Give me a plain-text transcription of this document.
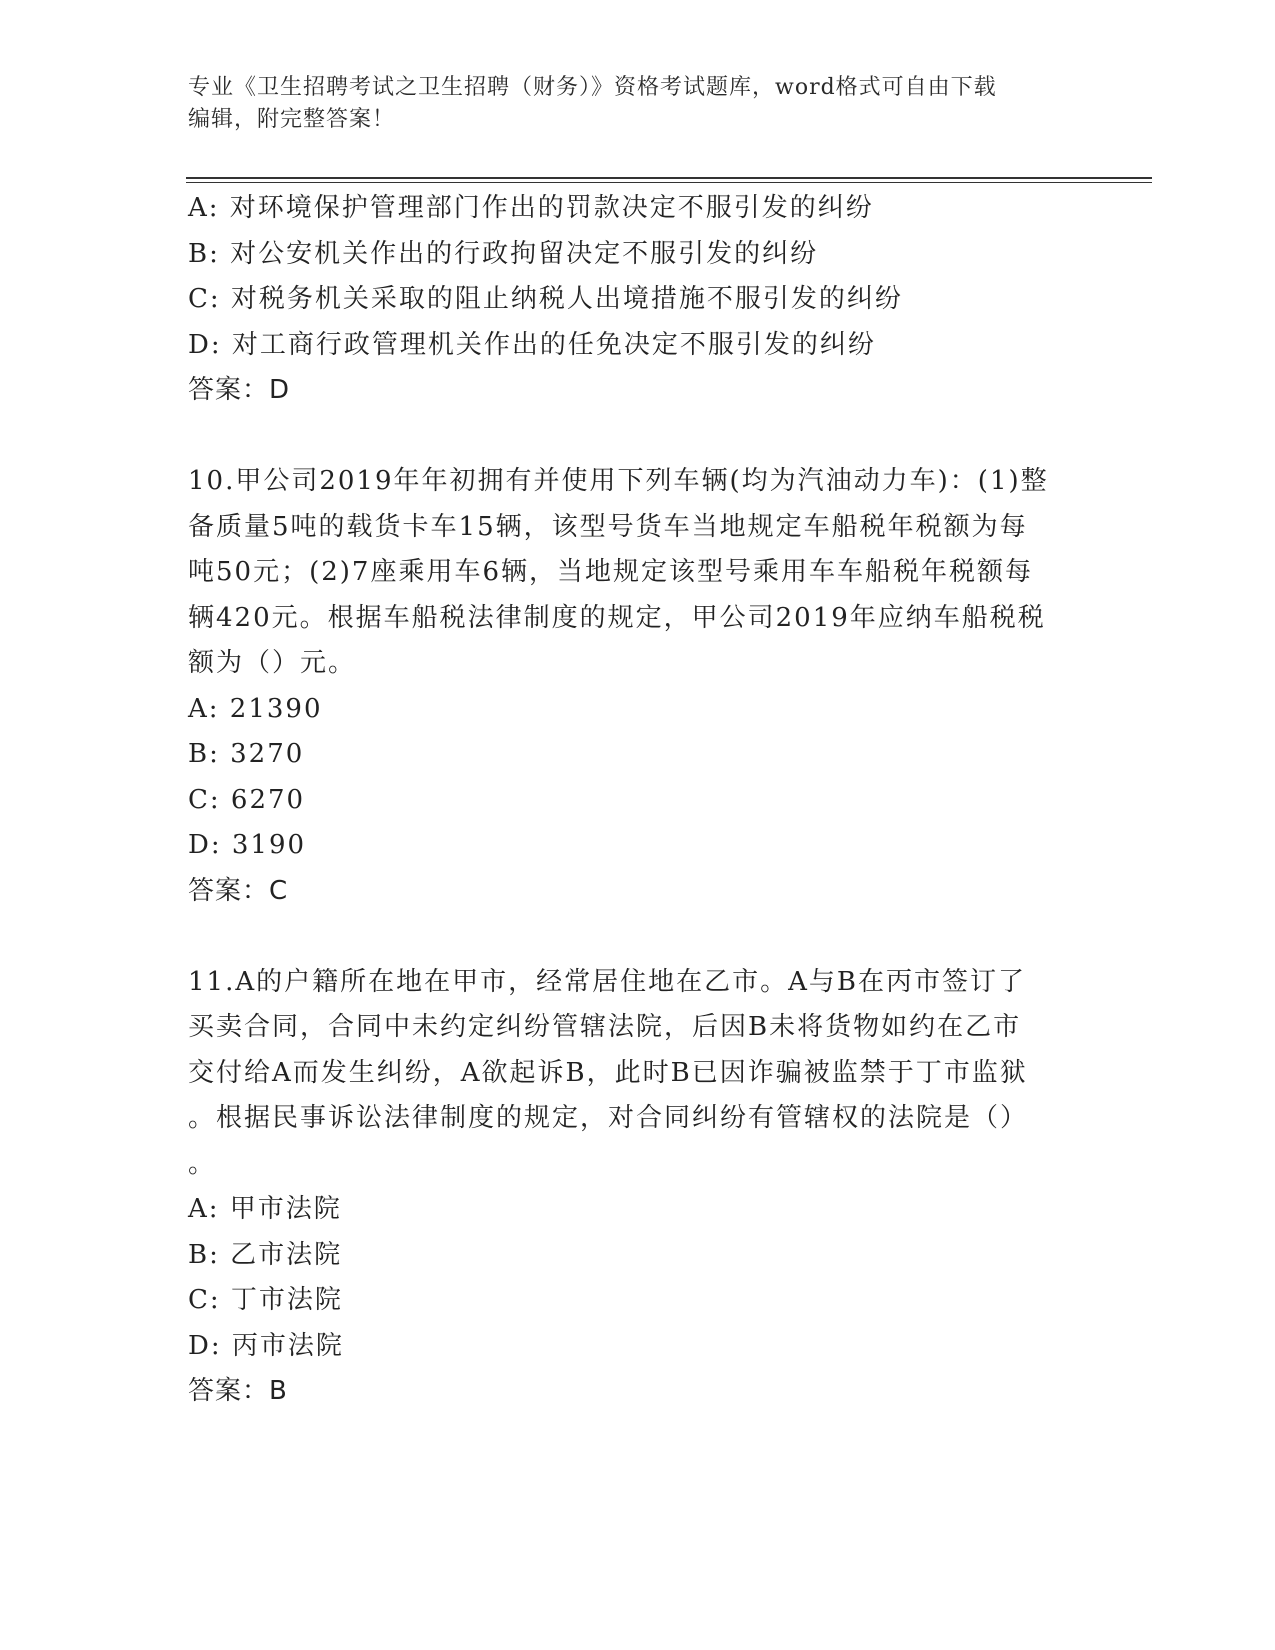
专业《卫生招聘考试之卫生招聘（财务）》资格考试题库，word格式可自由下载
编辑，附完整答案！
A: 对环境保护管理部门作出的罚款决定不服引发的纠纷
B: 对公安机关作出的行政拘留决定不服引发的纠纷
C: 对税务机关采取的阻止纳税人出境措施不服引发的纠纷
D: 对工商行政管理机关作出的任免决定不服引发的纠纷
答案：D
10.甲公司2019年年初拥有并使用下列车辆(均为汽油动力车)：(1)整
备质量5吨的载货卡车15辆，该型号货车当地规定车船税年税额为每
吨50元；(2)7座乘用车6辆，当地规定该型号乘用车车船税年税额每
辆420元。根据车船税法律制度的规定，甲公司2019年应纳车船税税
额为（）元。
A: 21390
B: 3270
C: 6270
D: 3190
答案：C
11.A的户籍所在地在甲市，经常居住地在乙市。A与B在丙市签订了
买卖合同，合同中未约定纠纷管辖法院，后因B未将货物如约在乙市
交付给A而发生纠纷，A欲起诉B，此时B已因诈骗被监禁于丁市监狱
。根据民事诉讼法律制度的规定，对合同纠纷有管辖权的法院是（）
。
A: 甲市法院
B: 乙市法院
C: 丁市法院
D: 丙市法院
答案：B
